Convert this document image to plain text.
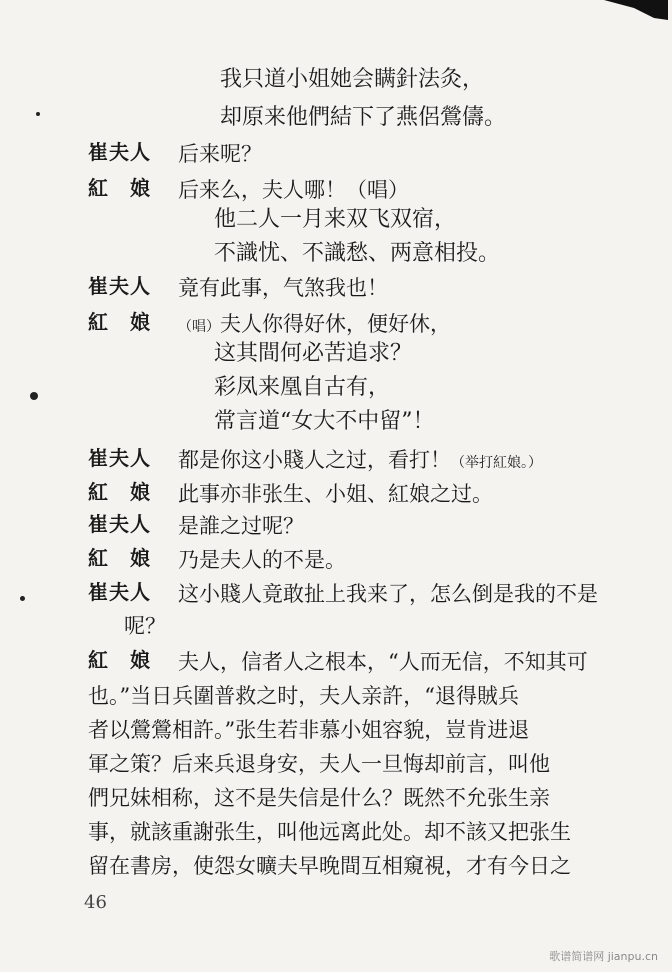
我只道小姐她会瞒針法灸，
却原来他們結下了燕侶鶯儔。
崔夫人 后来呢？
紅　娘 后来么，夫人哪！（唱）
他二人一月来双飞双宿，
不識忧、不識愁、两意相投。
崔夫人 竟有此事，气煞我也！
紅　娘 （唱）夫人你得好休，便好休，
这其間何必苦追求？
彩凤来凰自古有，
常言道“女大不中留”！
崔夫人 都是你这小賤人之过，看打！（举打紅娘。）
紅　娘 此事亦非张生、小姐、紅娘之过。
崔夫人 是誰之过呢？
紅　娘 乃是夫人的不是。
崔夫人 这小賤人竟敢扯上我来了，怎么倒是我的不是
呢？
紅　娘 夫人，信者人之根本，“人而无信，不知其可
也。”当日兵圍普救之时，夫人亲許，“退得賊兵
者以鶯鶯相許。”张生若非慕小姐容貌，豈肯进退
軍之策？后来兵退身安，夫人一旦悔却前言，叫他
們兄妹相称，这不是失信是什么？既然不允张生亲
事，就該重謝张生，叫他远离此处。却不該又把张生
留在書房，使怨女曠夫早晚間互相窺視，才有今日之
46
歌谱简谱网 jianpu.cn
